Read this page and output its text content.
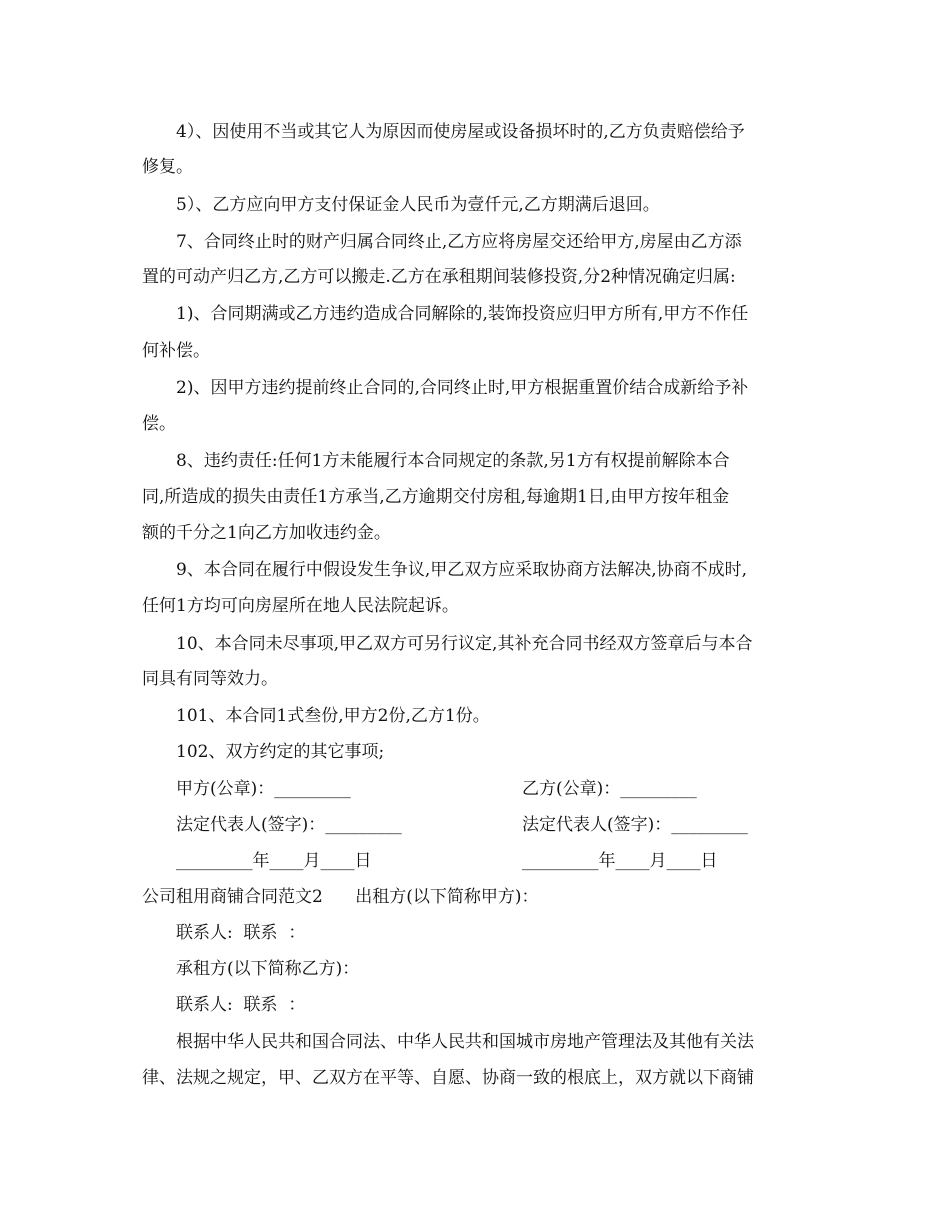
4）、因使用不当或其它人为原因而使房屋或设备损坏时的,乙方负责赔偿给予
修复。
5）、乙方应向甲方支付保证金人民币为壹仟元,乙方期满后退回。
7、合同终止时的财产归属合同终止,乙方应将房屋交还给甲方,房屋由乙方添
置的可动产归乙方,乙方可以搬走.乙方在承租期间装修投资,分2种情况确定归属:
1)、合同期满或乙方违约造成合同解除的,装饰投资应归甲方所有,甲方不作任
何补偿。
2)、因甲方违约提前终止合同的,合同终止时,甲方根据重置价结合成新给予补
偿。
8、违约责任:任何1方未能履行本合同规定的条款,另1方有权提前解除本合
同,所造成的损失由责任1方承当,乙方逾期交付房租,每逾期1日,由甲方按年租金
额的千分之1向乙方加收违约金。
9、本合同在履行中假设发生争议,甲乙双方应采取协商方法解决,协商不成时,
任何1方均可向房屋所在地人民法院起诉。
10、本合同未尽事项,甲乙双方可另行议定,其补充合同书经双方签章后与本合
同具有同等效力。
101、本合同1式叁份,甲方2份,乙方1份。
102、双方约定的其它事项;
甲方(公章)：_________	乙方(公章)：_________
法定代表人(签字)：_________	法定代表人(签字)：_________
_________年____月____日	_________年____月____日
公司租用商铺合同范文2      出租方(以下简称甲方)：
联系人:  联系  ：
承租方(以下简称乙方)：
联系人:  联系  ：
根据中华人民共和国合同法、中华人民共和国城市房地产管理法及其他有关法
律、法规之规定，甲、乙双方在平等、自愿、协商一致的根底上，双方就以下商铺
